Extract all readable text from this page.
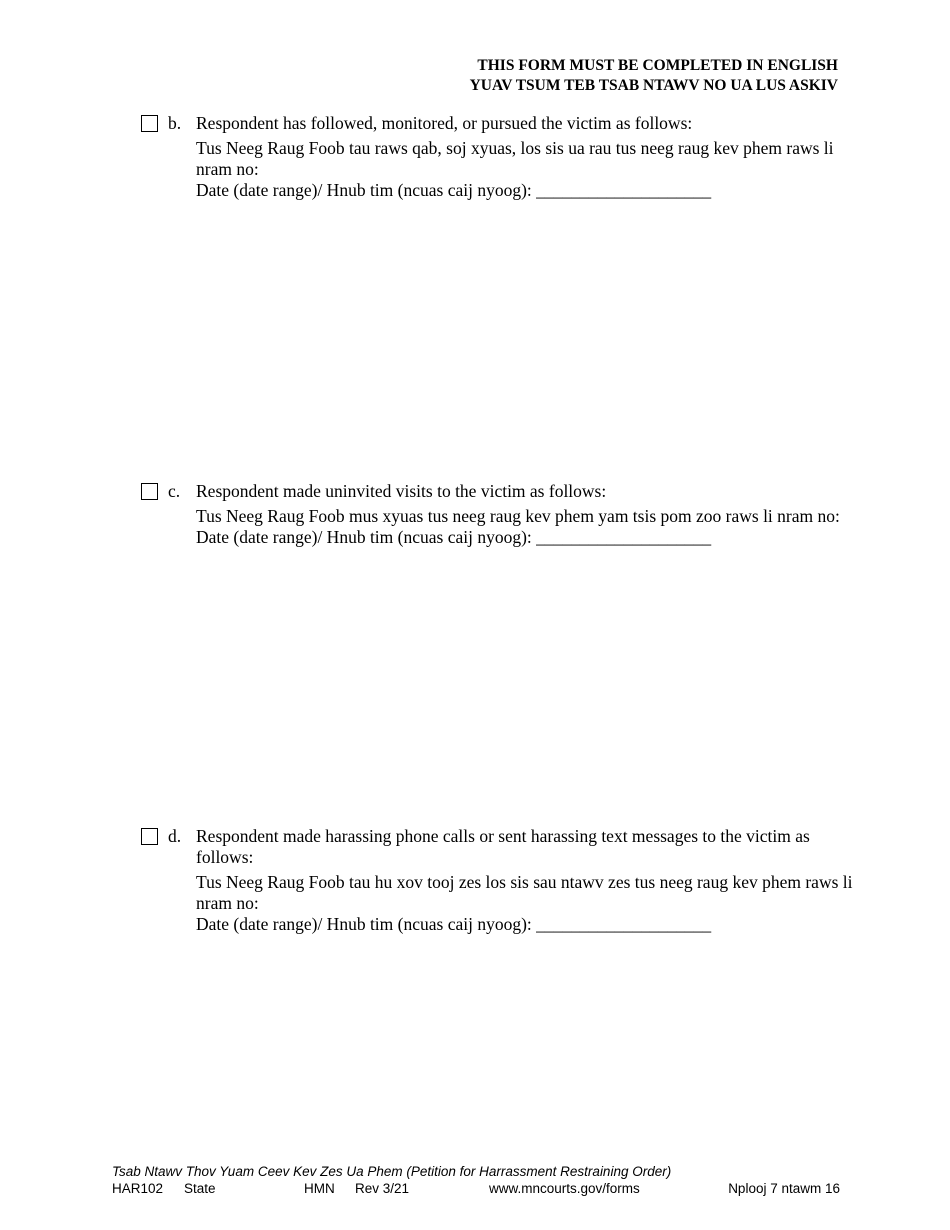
THIS FORM MUST BE COMPLETED IN ENGLISH
YUAV TSUM TEB TSAB NTAWV NO UA LUS ASKIV
b. Respondent has followed, monitored, or pursued the victim as follows:

Tus Neeg Raug Foob tau raws qab, soj xyuas, los sis ua rau tus neeg raug kev phem raws li nram no:

Date (date range)/ Hnub tim (ncuas caij nyoog): ____________________

c. Respondent made uninvited visits to the victim as follows:

Tus Neeg Raug Foob mus xyuas tus neeg raug kev phem yam tsis pom zoo raws li nram no:

Date (date range)/ Hnub tim (ncuas caij nyoog): ____________________

d. Respondent made harassing phone calls or sent harassing text messages to the victim as follows:

Tus Neeg Raug Foob tau hu xov tooj zes los sis sau ntawv zes tus neeg raug kev phem raws li nram no:

Date (date range)/ Hnub tim (ncuas caij nyoog): ____________________

Tsab Ntawv Thov Yuam Ceev Kev Zes Ua Phem (Petition for Harrassment Restraining Order)
HAR102 State	HMN Rev 3/21	www.mncourts.gov/forms	Nplooj 7 ntawm 16
